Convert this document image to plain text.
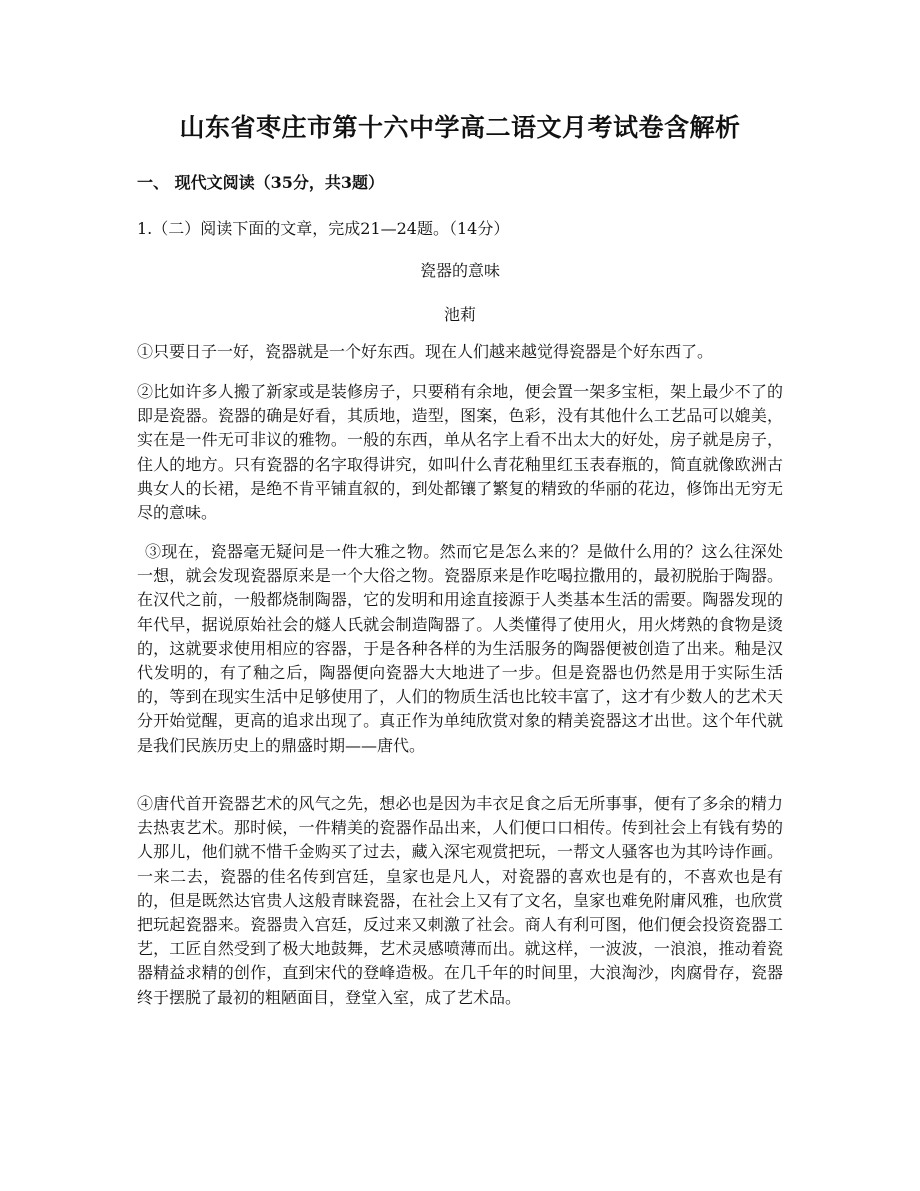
山东省枣庄市第十六中学高二语文月考试卷含解析

一、 现代文阅读（35分，共3题）

1.（二）阅读下面的文章，完成21—24题。（14分）

瓷器的意味

池莉

①只要日子一好，瓷器就是一个好东西。现在人们越来越觉得瓷器是个好东西了。

②比如许多人搬了新家或是装修房子，只要稍有余地，便会置一架多宝柜，架上最少不了的即是瓷器。瓷器的确是好看，其质地，造型，图案，色彩，没有其他什么工艺品可以媲美，实在是一件无可非议的雅物。一般的东西，单从名字上看不出太大的好处，房子就是房子，住人的地方。只有瓷器的名字取得讲究，如叫什么青花釉里红玉表春瓶的，简直就像欧洲古典女人的长裙，是绝不肯平铺直叙的，到处都镶了繁复的精致的华丽的花边，修饰出无穷无尽的意味。

③现在，瓷器毫无疑问是一件大雅之物。然而它是怎么来的？是做什么用的？这么往深处一想，就会发现瓷器原来是一个大俗之物。瓷器原来是作吃喝拉撒用的，最初脱胎于陶器。在汉代之前，一般都烧制陶器，它的发明和用途直接源于人类基本生活的需要。陶器发现的年代早，据说原始社会的燧人氏就会制造陶器了。人类懂得了使用火，用火烤熟的食物是烫的，这就要求使用相应的容器，于是各种各样的为生活服务的陶器便被创造了出来。釉是汉代发明的，有了釉之后，陶器便向瓷器大大地进了一步。但是瓷器也仍然是用于实际生活的，等到在现实生活中足够使用了，人们的物质生活也比较丰富了，这才有少数人的艺术天分开始觉醒，更高的追求出现了。真正作为单纯欣赏对象的精美瓷器这才出世。这个年代就是我们民族历史上的鼎盛时期——唐代。

④唐代首开瓷器艺术的风气之先，想必也是因为丰衣足食之后无所事事，便有了多余的精力去热衷艺术。那时候，一件精美的瓷器作品出来，人们便口口相传。传到社会上有钱有势的人那儿，他们就不惜千金购买了过去，藏入深宅观赏把玩，一帮文人骚客也为其吟诗作画。一来二去，瓷器的佳名传到宫廷，皇家也是凡人，对瓷器的喜欢也是有的，不喜欢也是有的，但是既然达官贵人这般青睐瓷器，在社会上又有了文名，皇家也难免附庸风雅，也欣赏把玩起瓷器来。瓷器贵入宫廷，反过来又刺激了社会。商人有利可图，他们便会投资瓷器工艺，工匠自然受到了极大地鼓舞，艺术灵感喷薄而出。就这样，一波波，一浪浪，推动着瓷器精益求精的创作，直到宋代的登峰造极。在几千年的时间里，大浪淘沙，肉腐骨存，瓷器终于摆脱了最初的粗陋面目，登堂入室，成了艺术品。
